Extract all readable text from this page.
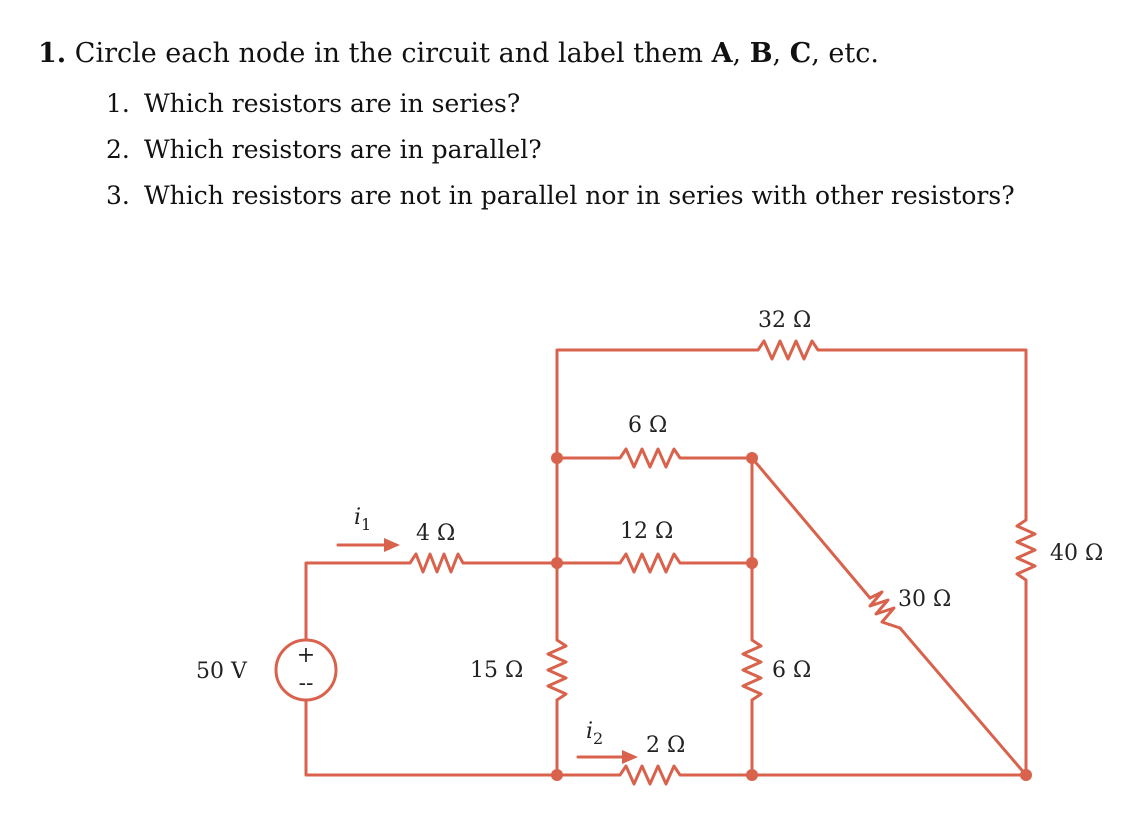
1. Circle each node in the circuit and label them A, B, C, etc.

1. Which resistors are in series?
2. Which resistors are in parallel?
3. Which resistors are not in parallel nor in series with other resistors?
+
--
50 V
$i_1$
$i_2$
32 Ω
6 Ω
12 Ω
4 Ω
40 Ω
30 Ω
15 Ω	6 Ω
2 Ω
